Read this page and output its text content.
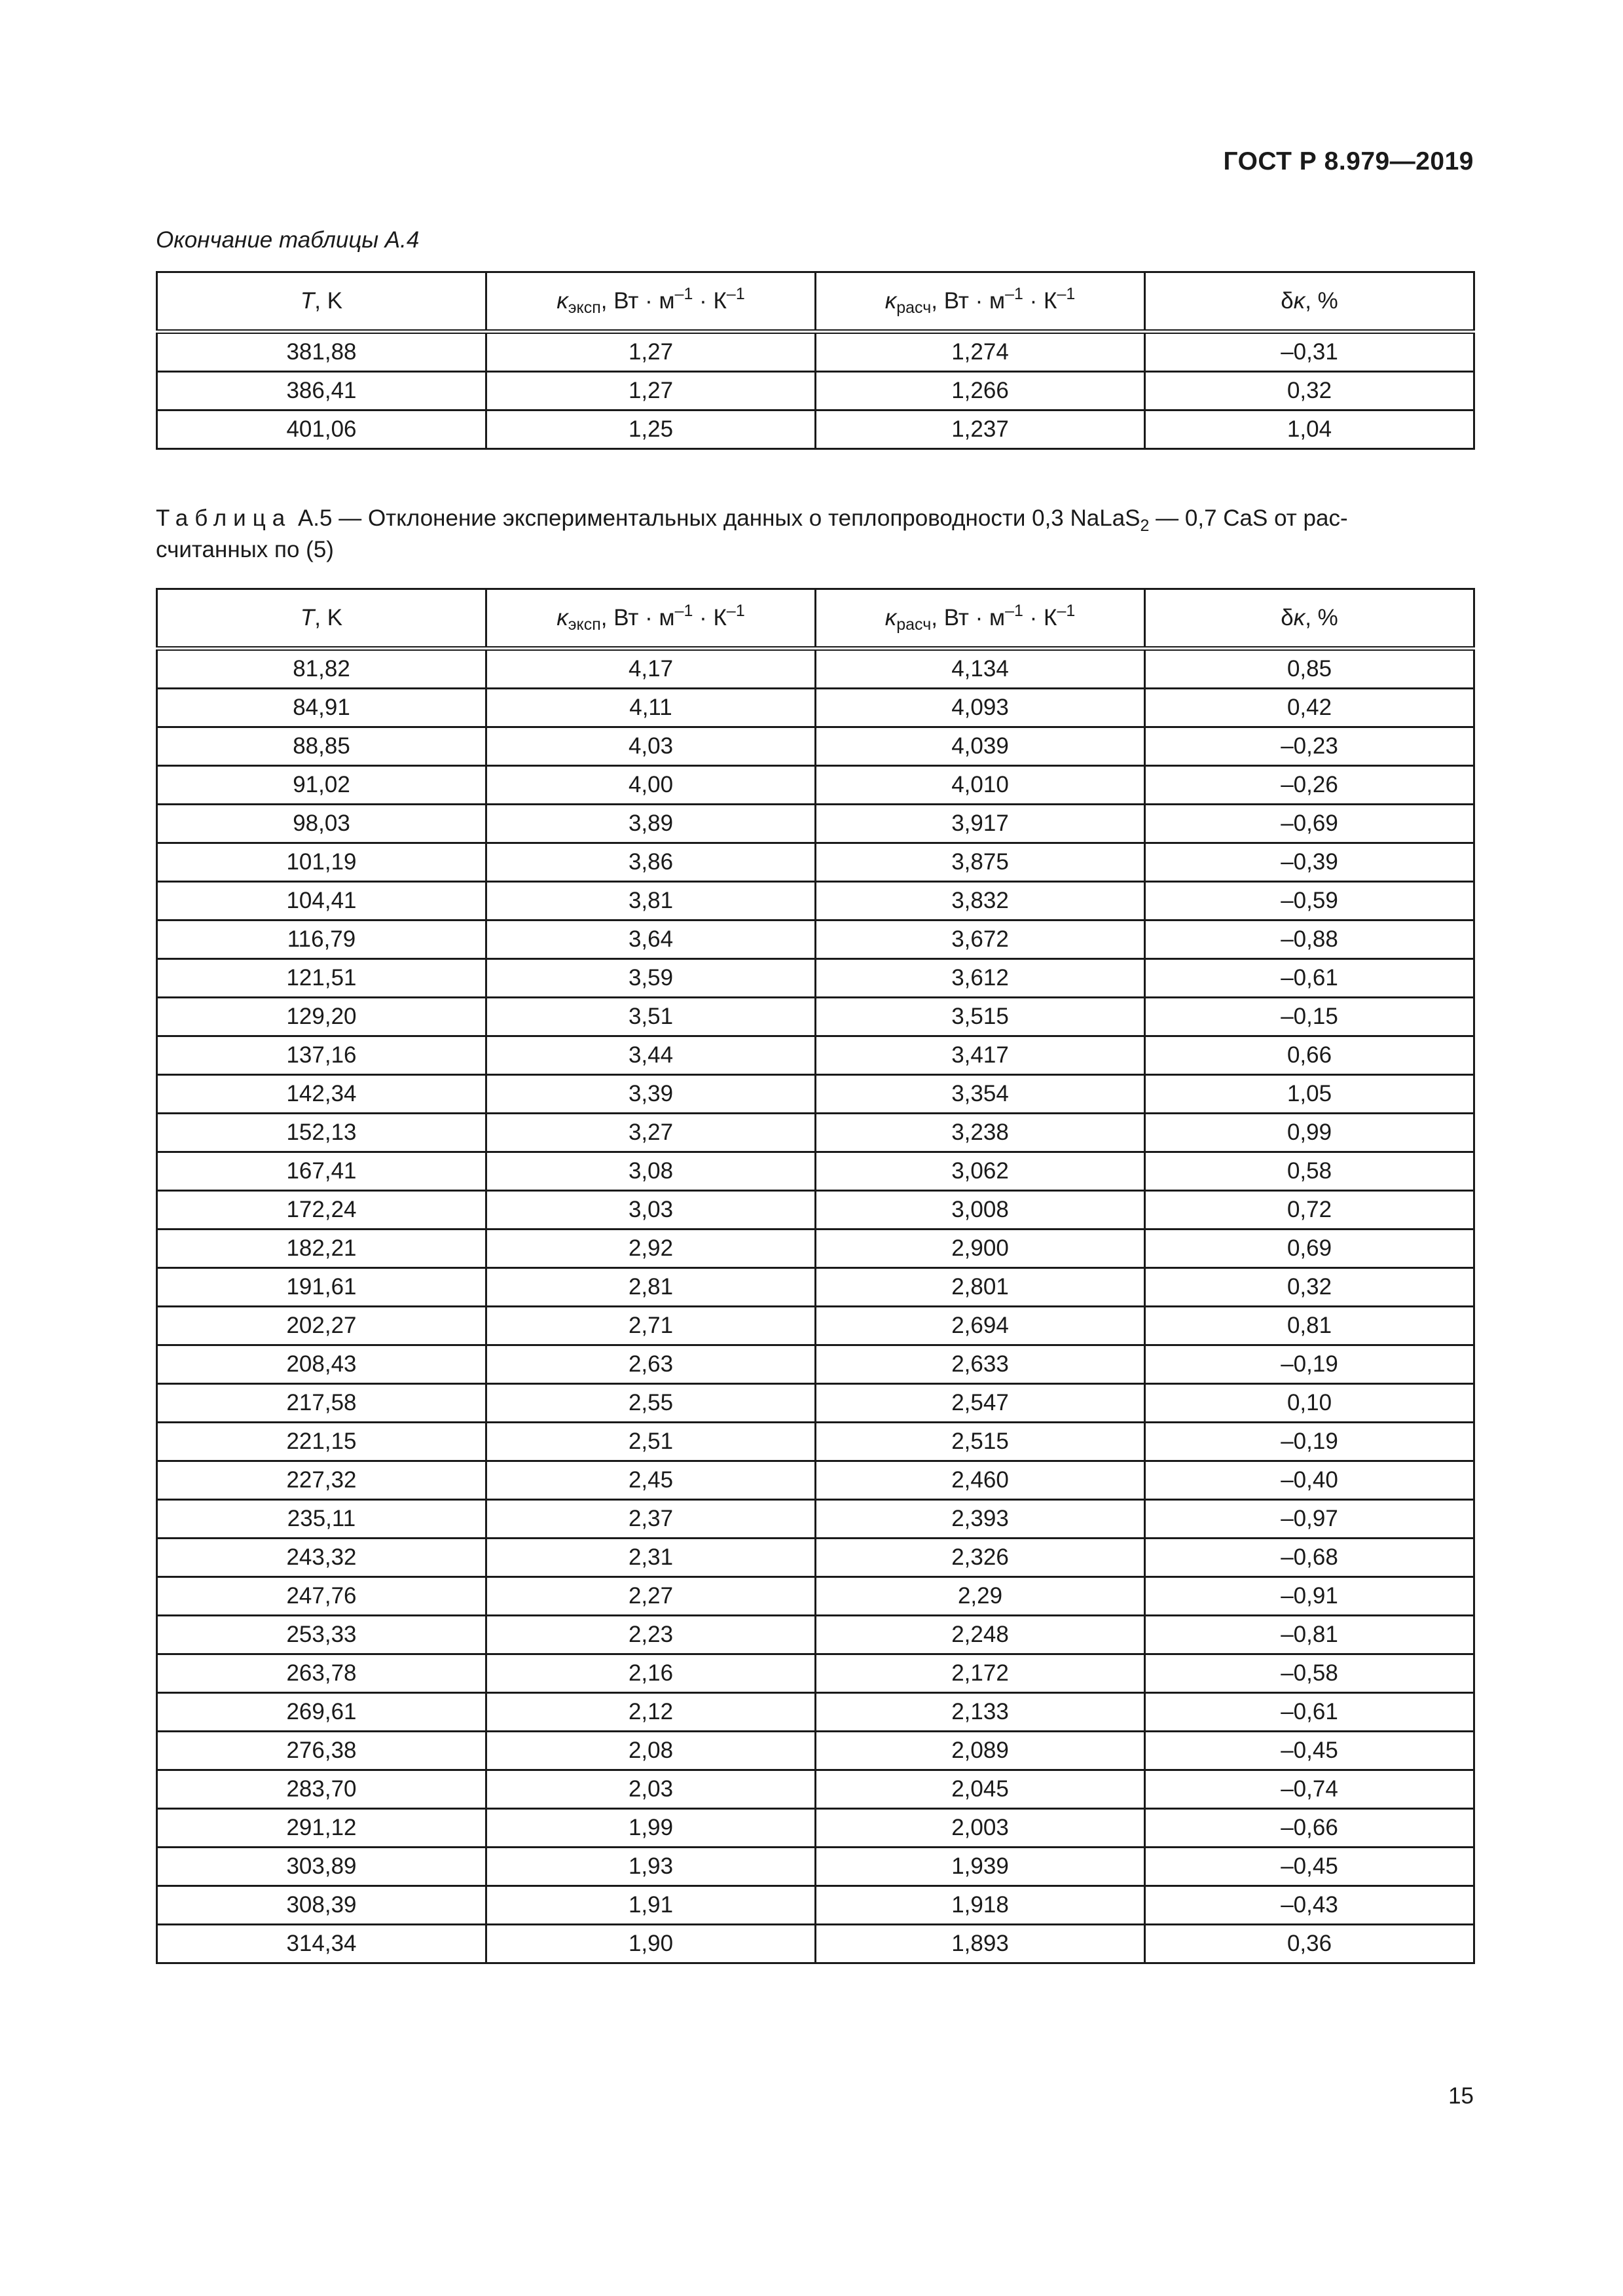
ГОСТ Р 8.979—2019
Окончание таблицы А.4
T, K	$\kappa_{эксп}$, Вт · $м^{-1} \cdot К^{-1}$	$\kappa_{расч}$, Вт · $м^{-1} \cdot К^{-1}$	δκ, %
381,88	1,27	1,274	–0,31
386,41	1,27	1,266	0,32
401,06	1,25	1,237	1,04
Таблица А.5 — Отклонение экспериментальных данных о теплопроводности 0,3 NaLaS$_2$ — 0,7 CaS от рас-
считанных по (5)
T, K	$\kappa_{эксп}$, Вт · $м^{-1} \cdot К^{-1}$	$\kappa_{расч}$, Вт · $м^{-1} \cdot К^{-1}$	δκ, %
81,82	4,17	4,134	0,85
84,91	4,11	4,093	0,42
88,85	4,03	4,039	–0,23
91,02	4,00	4,010	–0,26
98,03	3,89	3,917	–0,69
101,19	3,86	3,875	–0,39
104,41	3,81	3,832	–0,59
116,79	3,64	3,672	–0,88
121,51	3,59	3,612	–0,61
129,20	3,51	3,515	–0,15
137,16	3,44	3,417	0,66
142,34	3,39	3,354	1,05
152,13	3,27	3,238	0,99
167,41	3,08	3,062	0,58
172,24	3,03	3,008	0,72
182,21	2,92	2,900	0,69
191,61	2,81	2,801	0,32
202,27	2,71	2,694	0,81
208,43	2,63	2,633	–0,19
217,58	2,55	2,547	0,10
221,15	2,51	2,515	–0,19
227,32	2,45	2,460	–0,40
235,11	2,37	2,393	–0,97
243,32	2,31	2,326	–0,68
247,76	2,27	2,29	–0,91
253,33	2,23	2,248	–0,81
263,78	2,16	2,172	–0,58
269,61	2,12	2,133	–0,61
276,38	2,08	2,089	–0,45
283,70	2,03	2,045	–0,74
291,12	1,99	2,003	–0,66
303,89	1,93	1,939	–0,45
308,39	1,91	1,918	–0,43
314,34	1,90	1,893	0,36
15
